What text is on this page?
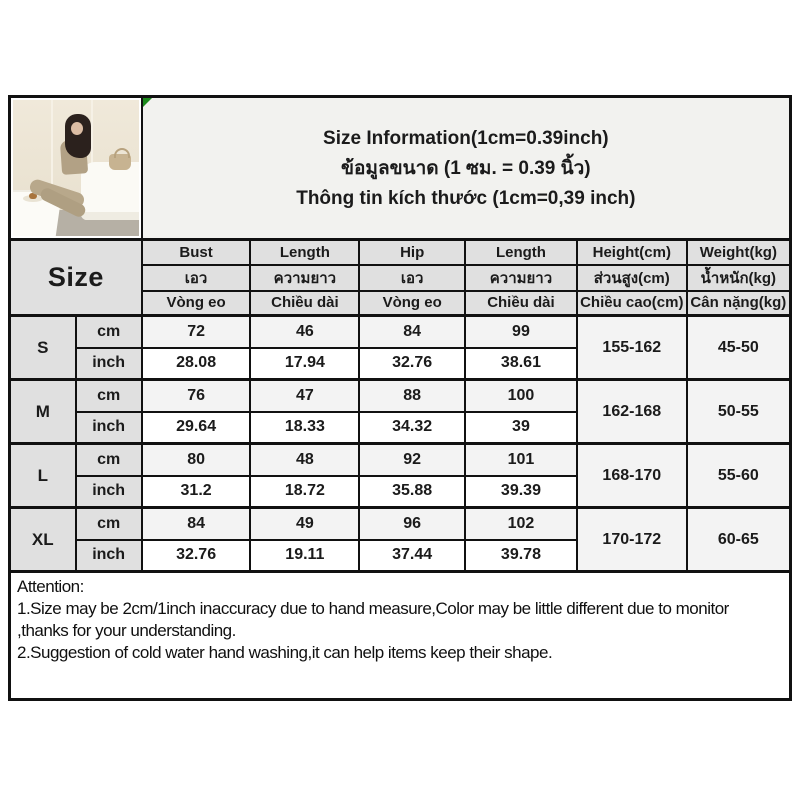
		Size Information(1cm=0.39inch)
ข้อมูลขนาด (1 ซม. = 0.39 นิ้ว)
Thông tin kích thước (1cm=0,39 inch)					

Size		Bust	Length	Hip	Length	Height(cm)	Weight(kg)
		เอว	ความยาว	เอว	ความยาว	ส่วนสูง(cm)	น้ำหนัก(kg)
		Vòng eo	Chiều dài	Vòng eo	Chiều dài	Chiều cao(cm)	Cân nặng(kg)
S	cm	72	46	84	99	155-162	45-50
	inch	28.08	17.94	32.76	38.61		
M	cm	76	47	88	100	162-168	50-55
	inch	29.64	18.33	34.32	39		
L	cm	80	48	92	101	168-170	55-60
	inch	31.2	18.72	35.88	39.39		
XL	cm	84	49	96	102	170-172	60-65
	inch	32.76	19.11	37.44	39.78		

Attention:
1.Size may be 2cm/1inch inaccuracy due to hand measure,Color may be little different due to monitor ,thanks for your understanding.
2.Suggestion of cold water hand washing,it can help items keep their shape.							
